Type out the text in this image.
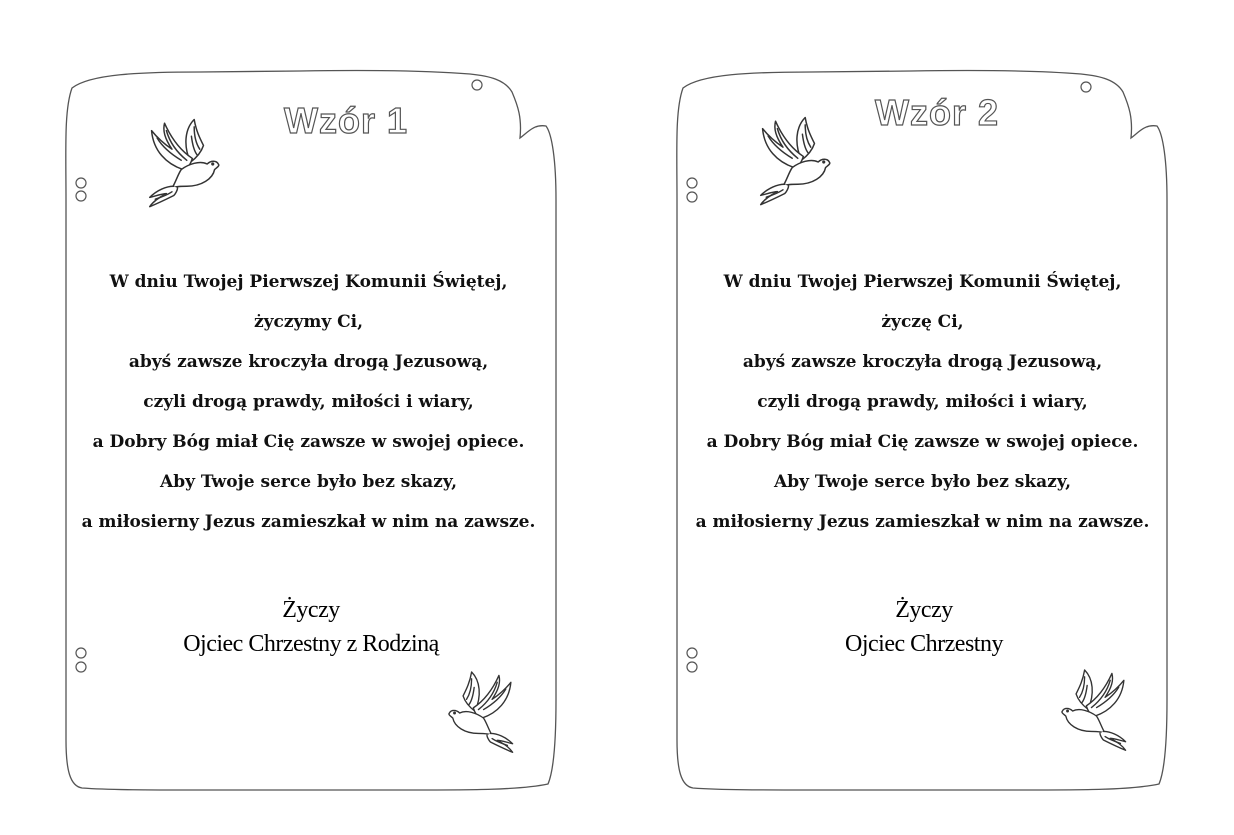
Wzór 1
W dniu Twojej Pierwszej Komunii Świętej,
życzymy Ci,
abyś zawsze kroczyła drogą Jezusową,
czyli drogą prawdy, miłości i wiary,
a Dobry Bóg miał Cię zawsze w swojej opiece.
Aby Twoje serce było bez skazy,
a miłosierny Jezus zamieszkał w nim na zawsze.
Życzy
Ojciec Chrzestny z Rodziną
Wzór 2
W dniu Twojej Pierwszej Komunii Świętej,
życzę Ci,
abyś zawsze kroczyła drogą Jezusową,
czyli drogą prawdy, miłości i wiary,
a Dobry Bóg miał Cię zawsze w swojej opiece.
Aby Twoje serce było bez skazy,
a miłosierny Jezus zamieszkał w nim na zawsze.
Życzy
Ojciec Chrzestny
